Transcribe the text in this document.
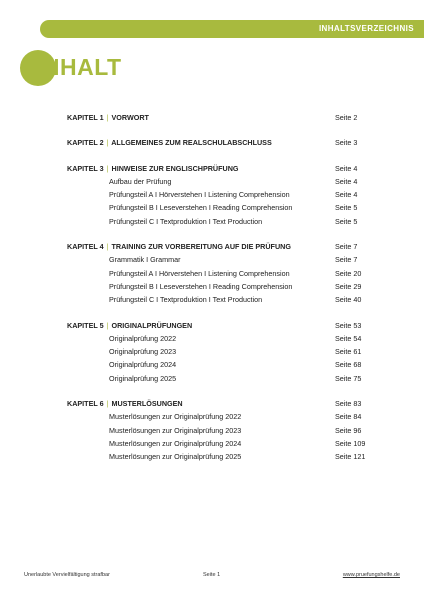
INHALTSVERZEICHNIS
INHALT
KAPITEL 1 | VORWORT	Seite 2
KAPITEL 2 | ALLGEMEINES ZUM REALSCHULABSCHLUSS	Seite 3
KAPITEL 3 | HINWEISE ZUR ENGLISCHPRÜFUNG	Seite 4
Aufbau der Prüfung	Seite 4
Prüfungsteil A I Hörverstehen I Listening Comprehension	Seite 4
Prüfungsteil B I Leseverstehen I Reading Comprehension	Seite 5
Prüfungsteil C I Textproduktion I Text Production	Seite 5
KAPITEL 4 | TRAINING ZUR VORBEREITUNG AUF DIE PRÜFUNG	Seite 7
Grammatik I Grammar	Seite 7
Prüfungsteil A I Hörverstehen I Listening Comprehension	Seite 20
Prüfungsteil B I Leseverstehen I Reading Comprehension	Seite 29
Prüfungsteil C I Textproduktion I Text Production	Seite 40
KAPITEL 5 | ORIGINALPRÜFUNGEN	Seite 53
Originalprüfung 2022	Seite 54
Originalprüfung 2023	Seite 61
Originalprüfung 2024	Seite 68
Originalprüfung 2025	Seite 75
KAPITEL 6 | MUSTERLÖSUNGEN	Seite 83
Musterlösungen zur Originalprüfung 2022	Seite 84
Musterlösungen zur Originalprüfung 2023	Seite 96
Musterlösungen zur Originalprüfung 2024	Seite 109
Musterlösungen zur Originalprüfung 2025	Seite 121
Unerlaubte Vervielfältigung strafbar	Seite 1	www.pruefungshelfe.de
